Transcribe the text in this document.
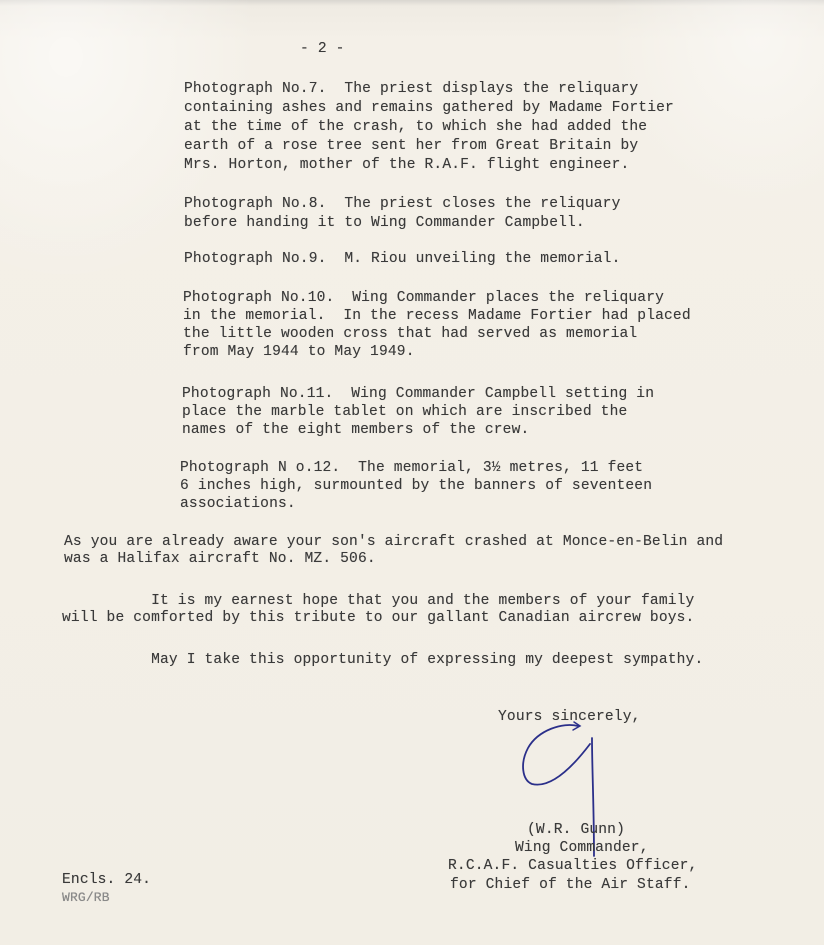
- 2 -
Photograph No.7.  The priest displays the reliquary
containing ashes and remains gathered by Madame Fortier
at the time of the crash, to which she had added the
earth of a rose tree sent her from Great Britain by
Mrs. Horton, mother of the R.A.F. flight engineer.
Photograph No.8.  The priest closes the reliquary
before handing it to Wing Commander Campbell.
Photograph No.9.  M. Riou unveiling the memorial.
Photograph No.10.  Wing Commander places the reliquary
in the memorial.  In the recess Madame Fortier had placed
the little wooden cross that had served as memorial
from May 1944 to May 1949.
Photograph No.11.  Wing Commander Campbell setting in
place the marble tablet on which are inscribed the
names of the eight members of the crew.
Photograph N o.12.  The memorial, 3½ metres, 11 feet
6 inches high, surmounted by the banners of seventeen
associations.
As you are already aware your son's aircraft crashed at Monce-en-Belin and
was a Halifax aircraft No. MZ. 506.
It is my earnest hope that you and the members of your family
will be comforted by this tribute to our gallant Canadian aircrew boys.
May I take this opportunity of expressing my deepest sympathy.
Yours sincerely,
(W.R. Gunn)
Wing Commander,
R.C.A.F. Casualties Officer,
for Chief of the Air Staff.
Encls. 24.
WRG/RB
